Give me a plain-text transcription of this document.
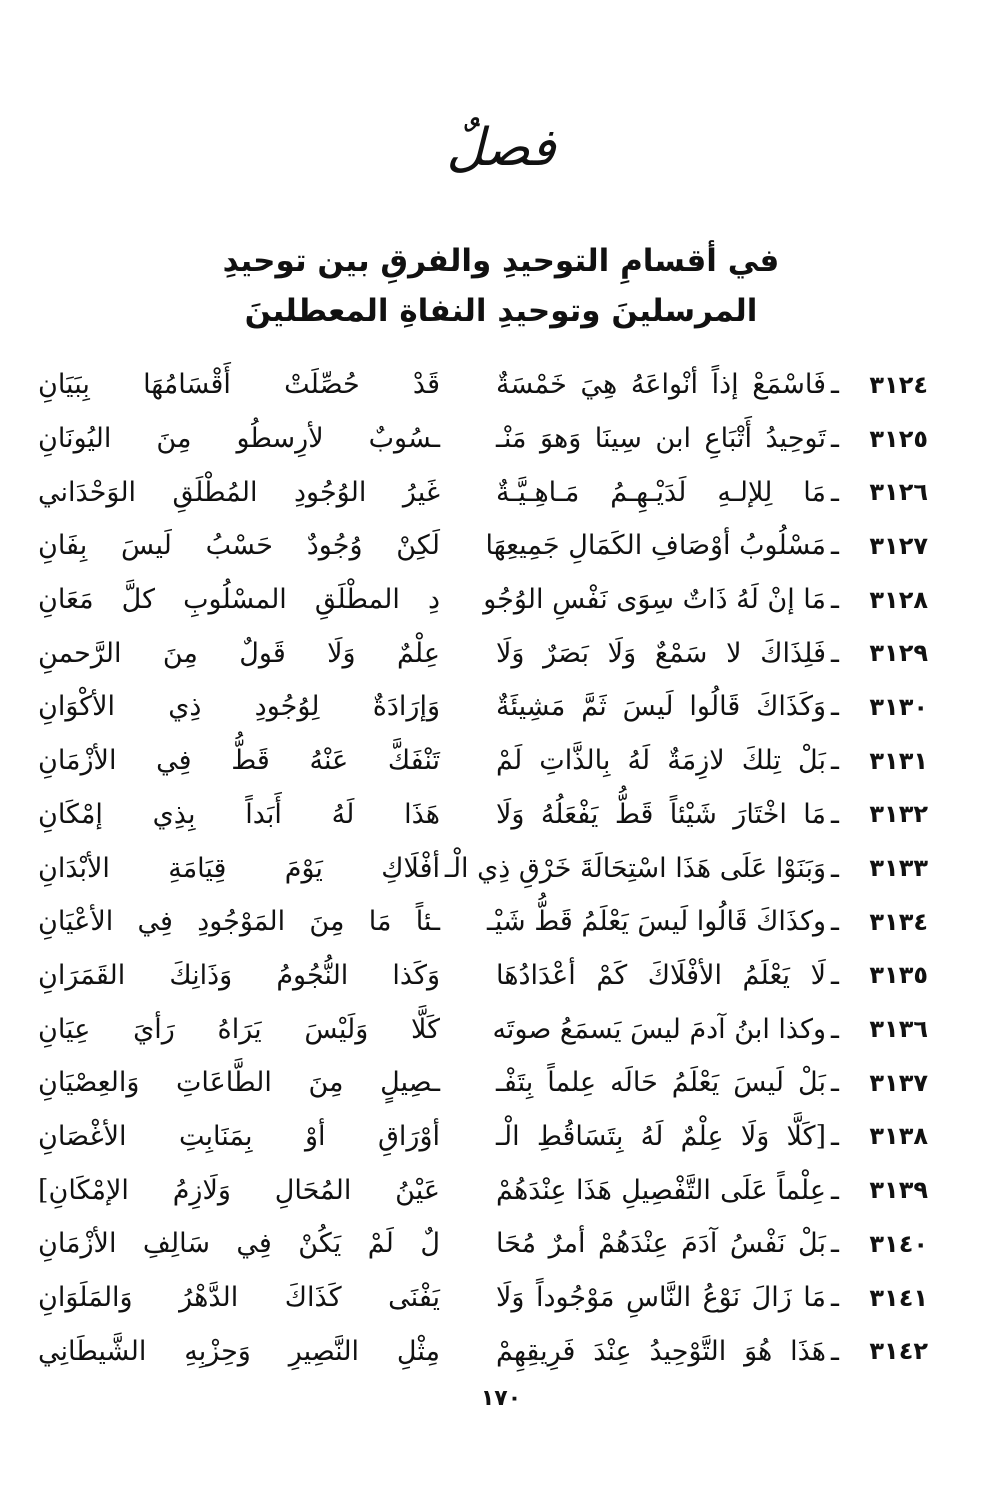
فصلٌ
في أقسامِ التوحيدِ والفرقِ بين توحيدِ
المرسلينَ وتوحيدِ النفاةِ المعطلينَ
٣١٢٤
ـ
فَاسْمَعْ إذاً أنْواعَهُ هِيَ خَمْسَةٌ
قَدْ حُصِّلَتْ أَقْسَامُهَا بِبَيَانِ
٣١٢٥
ـ
تَوحِيدُ أَتْبَاعِ ابن سِينَا وَهوَ مَنْـ
ـسُوبٌ لأرِسطُو مِنَ اليُونَانِ
٣١٢٦
ـ
مَا لِلإلـهِ لَدَيْـهِـمُ مَـاهِـيَّـةٌ
غَيرُ الوُجُودِ المُطْلَقِ الوَحْدَاني
٣١٢٧
ـ
مَسْلُوبُ أوْصَافِ الكَمَالِ جَمِيعِهَا
لَكِنْ وُجُودٌ حَسْبُ لَيسَ بِفَانِ
٣١٢٨
ـ
مَا إنْ لَهُ ذَاتٌ سِوَى نَفْسِ الوُجُو
دِ المطْلَقِ المسْلُوبِ كلَّ مَعَانِ
٣١٢٩
ـ
فَلِذَاكَ لا سَمْعٌ وَلَا بَصَرٌ وَلَا
عِلْمٌ وَلَا قَولٌ مِنَ الرَّحمنِ
٣١٣٠
ـ
وَكَذَاكَ قَالُوا لَيسَ ثَمَّ مَشِيئَةٌ
وَإرَادَةٌ لِوُجُودِ ذِي الأكْوَانِ
٣١٣١
ـ
بَلْ تِلكَ لازِمَةٌ لَهُ بِالذَّاتِ لَمْ
تَنْفَكَّ عَنْهُ قَطُّ فِي الأزْمَانِ
٣١٣٢
ـ
مَا اخْتَارَ شَيْئاً قَطُّ يَفْعَلُهُ وَلَا
هَذَا لَهُ أَبَداً بِذِي إمْكَانِ
٣١٣٣
ـ
وَبَنَوْا عَلَى هَذَا اسْتِحَالَةَ خَرْقِ ذِي الْـ
أفْلَاكِ يَوْمَ قِيَامَةِ الأبْدَانِ
٣١٣٤
ـ
وكذَاكَ قَالُوا لَيسَ يَعْلَمُ قَطُّ شَيْـ
ـئاً مَا مِنَ المَوْجُودِ فِي الأعْيَانِ
٣١٣٥
ـ
لَا يَعْلَمُ الأفْلَاكَ كَمْ أعْدَادُهَا
وَكَذا النُّجُومُ وَذَانِكَ القَمَرَانِ
٣١٣٦
ـ
وكذا ابنُ آدمَ ليسَ يَسمَعُ صوتَه
كَلَّا وَلَيْسَ يَرَاهُ رَأيَ عِيَانِ
٣١٣٧
ـ
بَلْ لَيسَ يَعْلَمُ حَالَه عِلماً بِتَفْـ
ـصِيلٍ مِنَ الطَّاعَاتِ وَالعِصْيَانِ
٣١٣٨
ـ
[كَلَّا وَلَا عِلْمٌ لَهُ بِتَسَاقُطِ الْـ
أوْرَاقِ أوْ بِمَنَابِتِ الأغْصَانِ
٣١٣٩
ـ
عِلْماً عَلَى التَّفْصِيلِ هَذَا عِنْدَهُمْ
عَيْنُ المُحَالِ وَلَازِمُ الإمْكَانِ]
٣١٤٠
ـ
بَلْ نَفْسُ آدَمَ عِنْدَهُمْ أمرٌ مُحَا
لٌ لَمْ يَكُنْ فِي سَالِفِ الأزْمَانِ
٣١٤١
ـ
مَا زَالَ نَوْعُ النَّاسِ مَوْجُوداً وَلَا
يَفْنَى كَذَاكَ الدَّهْرُ وَالمَلَوَانِ
٣١٤٢
ـ
هَذَا هُوَ التَّوْحِيدُ عِنْدَ فَرِيقِهِمْ
مِثْلِ النَّصِيرِ وَحِزْبِهِ الشَّيطَانِي
١٧٠
